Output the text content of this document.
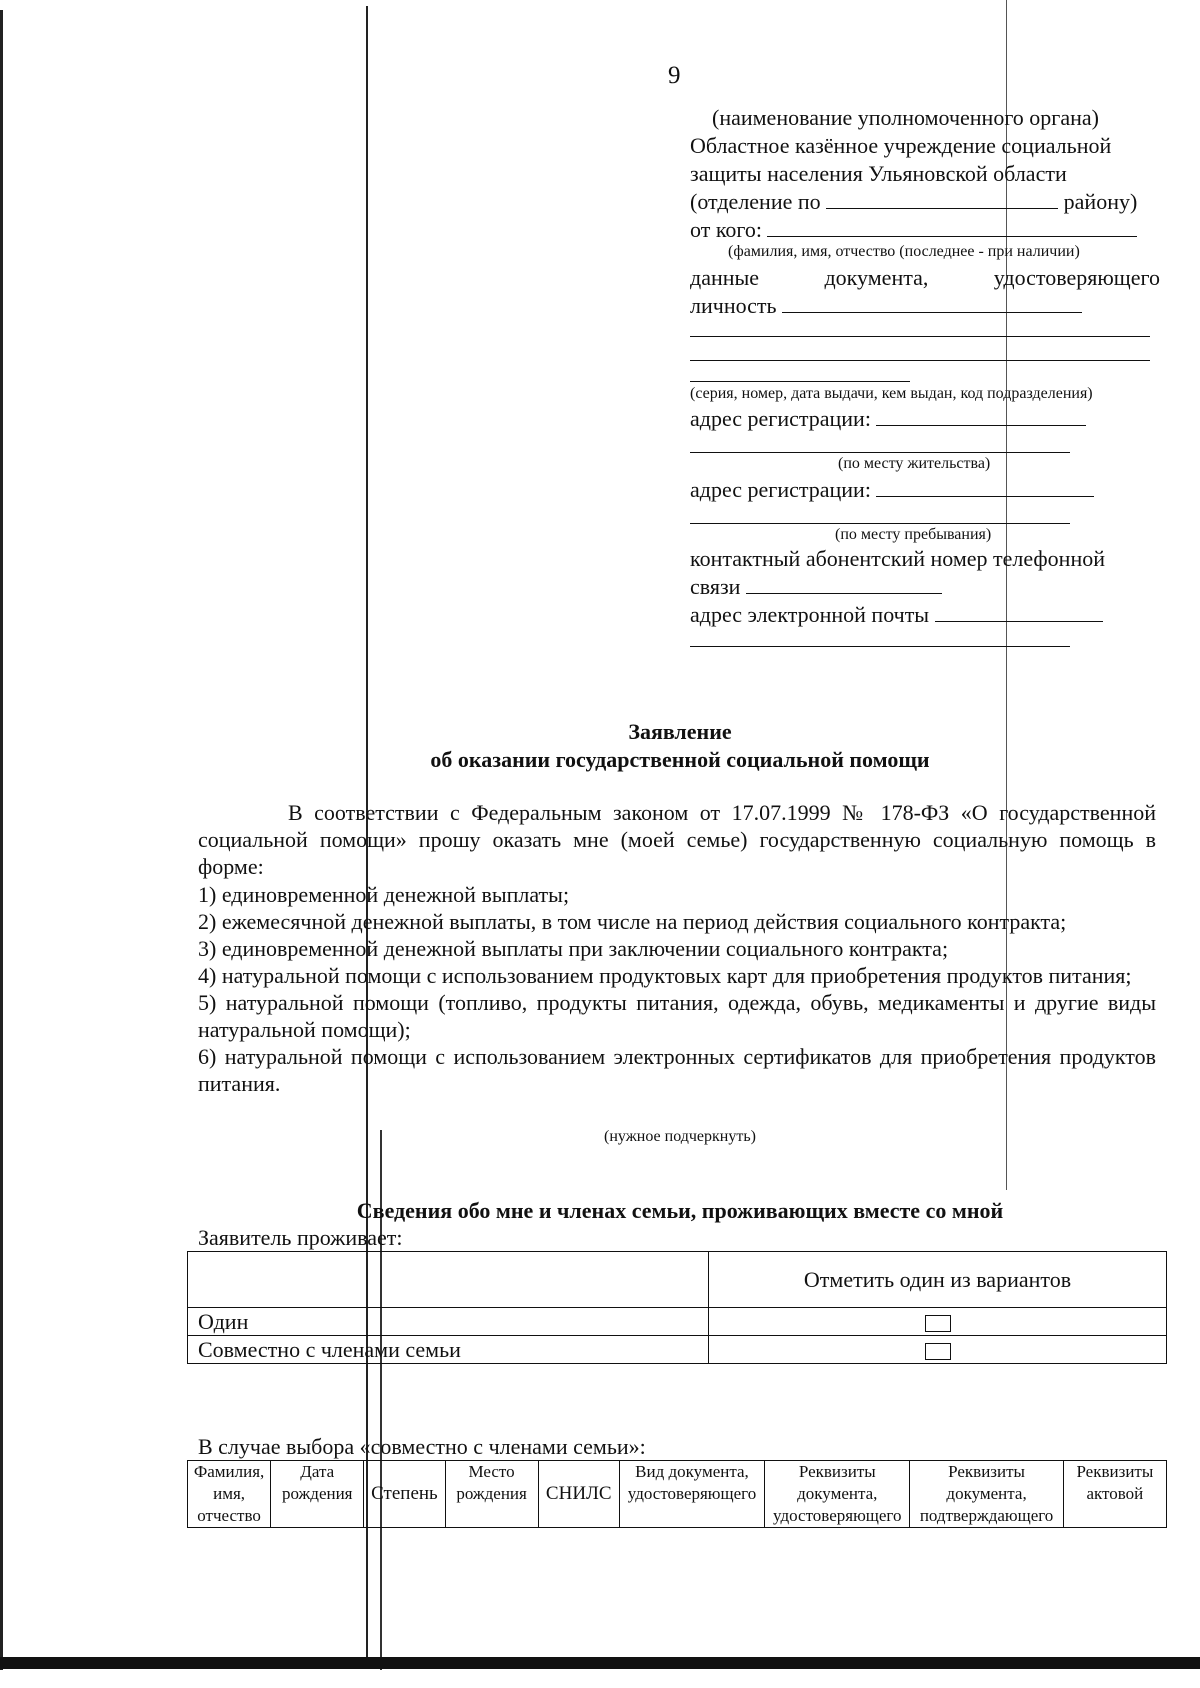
9
(наименование уполномоченного органа)
Областное казённое учреждение социальной
защиты населения Ульяновской области
(отделение по	району)
от кого:
(фамилия, имя, отчество (последнее - при наличии)
данные документа, удостоверяющего
личность
(серия, номер, дата выдачи, кем выдан, код подразделения)
адрес регистрации:
(по месту жительства)
адрес регистрации:
(по месту пребывания)
контактный абонентский номер телефонной
связи
адрес электронной почты
Заявление
об оказании государственной социальной помощи
В соответствии с Федеральным законом от 17.07.1999 № 178-ФЗ «О государственной социальной помощи» прошу оказать мне (моей семье) государственную социальную помощь в форме:
1) единовременной денежной выплаты;
2) ежемесячной денежной выплаты, в том числе на период действия социального контракта;
3) единовременной денежной выплаты при заключении социального контракта;
4) натуральной помощи с использованием продуктовых карт для приобретения продуктов питания;
5) натуральной помощи (топливо, продукты питания, одежда, обувь, медикаменты и другие виды натуральной помощи);
6) натуральной помощи с использованием электронных сертификатов для приобретения продуктов питания.
(нужное подчеркнуть)
Сведения обо мне и членах семьи, проживающих вместе со мной
Заявитель проживает:
	Отметить один из вариантов
Один	
Совместно с членами семьи	
В случае выбора «совместно с членами семьи»:
Фамилия, имя, отчество	Дата рождения	Степень	Место рождения	СНИЛС	Вид документа, удостоверяющего	Реквизиты документа, удостоверяющего	Реквизиты документа, подтверждающего	Реквизиты актовой
